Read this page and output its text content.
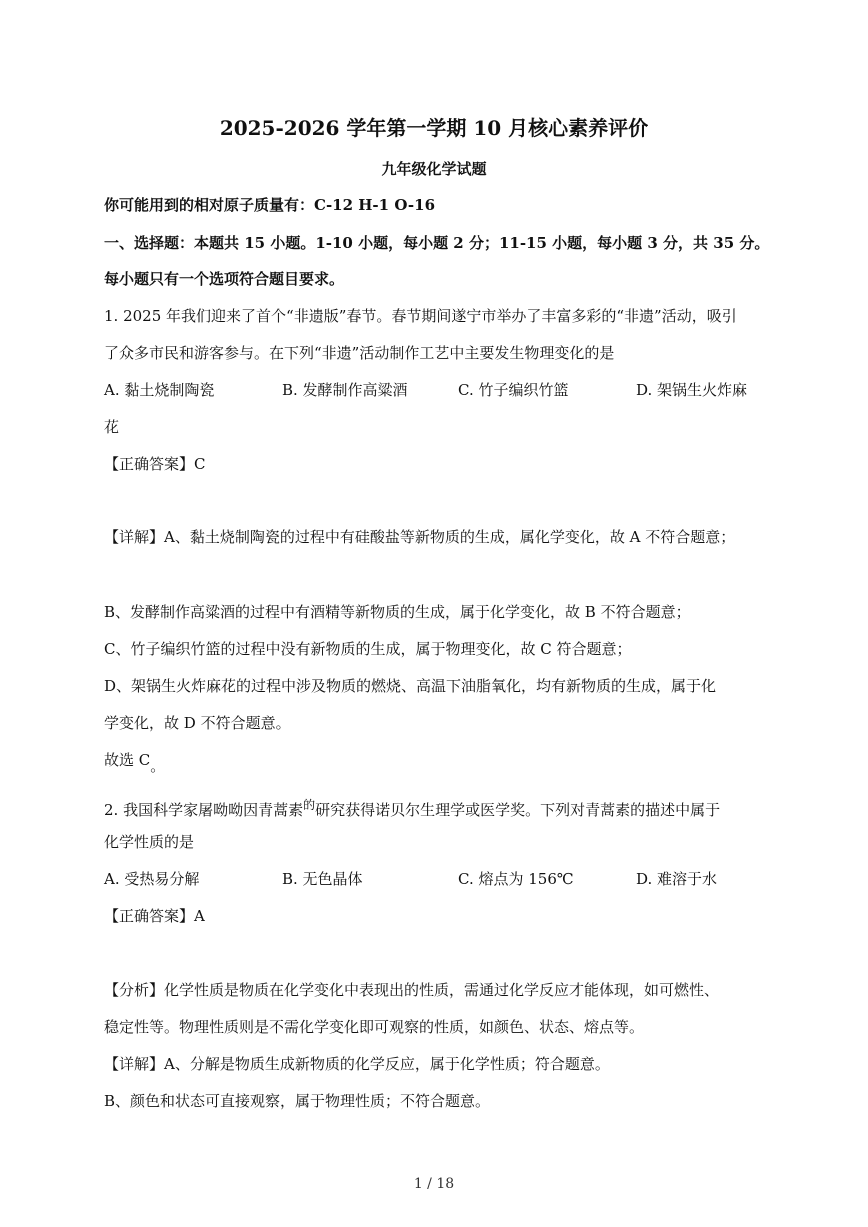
2025-2026 学年第一学期 10 月核心素养评价
九年级化学试题
你可能用到的相对原子质量有：C-12 H-1 O-16
一、选择题：本题共 15 小题。1-10 小题，每小题 2 分；11-15 小题，每小题 3 分，共 35 分。
每小题只有一个选项符合题目要求。
1. 2025 年我们迎来了首个“非遗版”春节。春节期间遂宁市举办了丰富多彩的“非遗”活动，吸引
了众多市民和游客参与。在下列“非遗”活动制作工艺中主要发生物理变化的是
A. 黏土烧制陶瓷	B. 发酵制作高粱酒	C. 竹子编织竹篮	D. 架锅生火炸麻
花
【正确答案】C
【详解】A、黏土烧制陶瓷的过程中有硅酸盐等新物质的生成，属化学变化，故 A 不符合题意；
B、发酵制作高粱酒的过程中有酒精等新物质的生成，属于化学变化，故 B 不符合题意；
C、竹子编织竹篮的过程中没有新物质的生成，属于物理变化，故 C 符合题意；
D、架锅生火炸麻花的过程中涉及物质的燃烧、高温下油脂氧化，均有新物质的生成，属于化
学变化，故 D 不符合题意。
故选 C。
2. 我国科学家屠呦呦因青蒿素$^的$研究获得诺贝尔生理学或医学奖。下列对青蒿素的描述中属于
化学性质的是
A. 受热易分解	B. 无色晶体	C. 熔点为 156℃	D. 难溶于水
【正确答案】A
【分析】化学性质是物质在化学变化中表现出的性质，需通过化学反应才能体现，如可燃性、
稳定性等。物理性质则是不需化学变化即可观察的性质，如颜色、状态、熔点等。
【详解】A、分解是物质生成新物质的化学反应，属于化学性质；符合题意。
B、颜色和状态可直接观察，属于物理性质；不符合题意。
1 / 18
